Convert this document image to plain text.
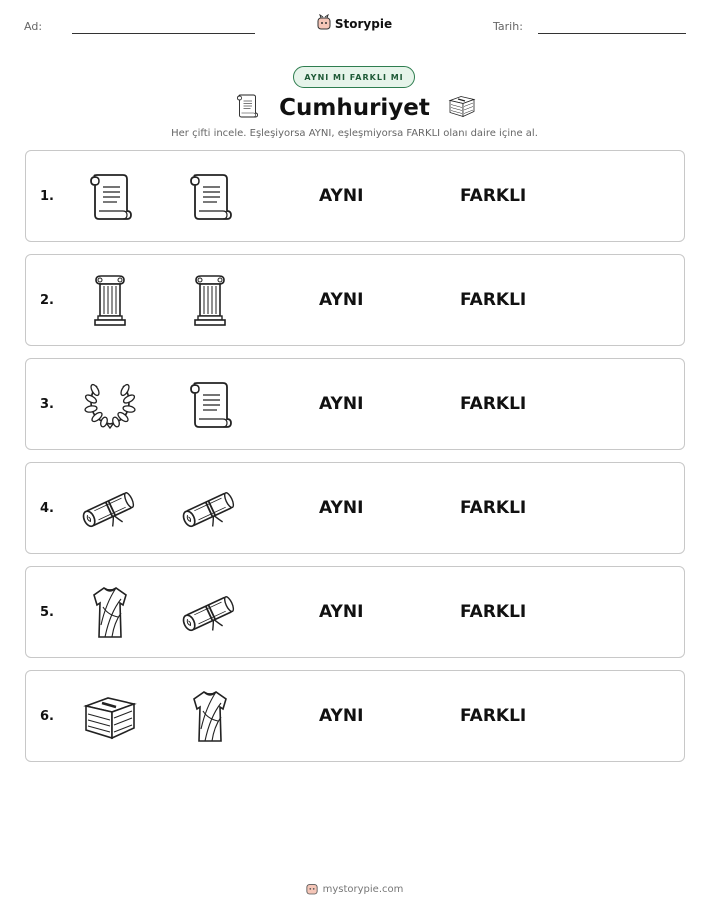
Ad:	Storypie	Tarih:
AYNI MI FARKLI MI
Cumhuriyet
Her çifti incele. Eşleşiyorsa AYNI, eşleşmiyorsa FARKLI olanı daire içine al.
1.	AYNI	FARKLI
2.	AYNI	FARKLI
3.	AYNI	FARKLI
4.	AYNI	FARKLI
5.	AYNI	FARKLI
6.	AYNI	FARKLI
mystorypie.com
